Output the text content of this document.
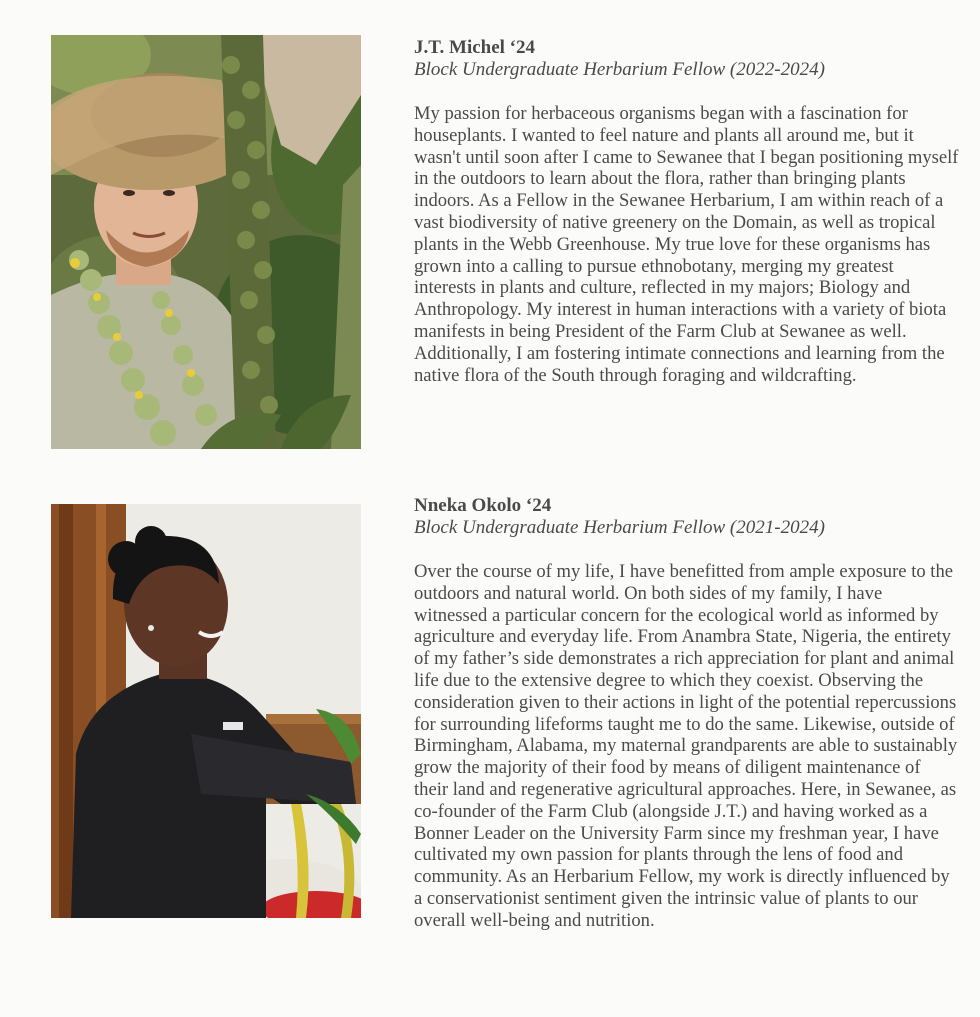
J.T. Michel ‘24

Block Undergraduate Herbarium Fellow (2022-2024)

My passion for herbaceous organisms began with a fascination for houseplants. I wanted to feel nature and plants all around me, but it wasn't until soon after I came to Sewanee that I began positioning myself in the outdoors to learn about the flora, rather than bringing plants indoors. As a Fellow in the Sewanee Herbarium, I am within reach of a vast biodiversity of native greenery on the Domain, as well as tropical plants in the Webb Greenhouse. My true love for these organisms has grown into a calling to pursue ethnobotany, merging my greatest interests in plants and culture, reflected in my majors; Biology and Anthropology. My interest in human interactions with a variety of biota manifests in being President of the Farm Club at Sewanee as well. Additionally, I am fostering intimate connections and learning from the native flora of the South through foraging and wildcrafting.

Nneka Okolo ‘24

Block Undergraduate Herbarium Fellow (2021-2024)

Over the course of my life, I have benefitted from ample exposure to the outdoors and natural world. On both sides of my family, I have witnessed a particular concern for the ecological world as informed by agriculture and everyday life. From Anambra State, Nigeria, the entirety of my father’s side demonstrates a rich appreciation for plant and animal life due to the extensive degree to which they coexist. Observing the consideration given to their actions in light of the potential repercussions for surrounding lifeforms taught me to do the same. Likewise, outside of Birmingham, Alabama, my maternal grandparents are able to sustainably grow the majority of their food by means of diligent maintenance of their land and regenerative agricultural approaches. Here, in Sewanee, as co-founder of the Farm Club (alongside J.T.) and having worked as a Bonner Leader on the University Farm since my freshman year, I have cultivated my own passion for plants through the lens of food and community. As an Herbarium Fellow, my work is directly influenced by a conservationist sentiment given the intrinsic value of plants to our overall well-being and nutrition.
